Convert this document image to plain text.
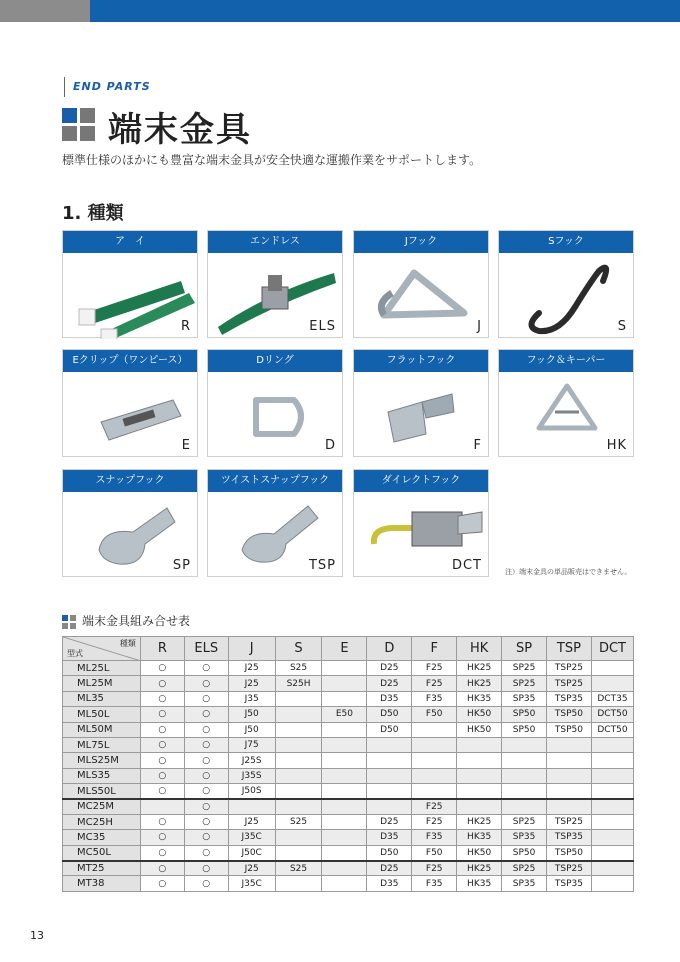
END PARTS
端末金具
標準仕様のほかにも豊富な端末金具が安全快適な運搬作業をサポートします。
1. 種類
ア　イ
R
エンドレス
ELS
Jフック
J
Sフック
S
Eクリップ（ワンピース）
E
Dリング
D
フラットフック
F
フック＆キーパー
HK
スナップフック
SP
ツイストスナップフック
TSP
ダイレクトフック
DCT	注）端末金具の単品販売はできません。
端末金具組み合せ表
種類
型式	R	ELS	J	S	E	D	F	HK	SP	TSP	DCT
ML25L	○	○	J25	S25		D25	F25	HK25	SP25	TSP25	
ML25M	○	○	J25	S25H		D25	F25	HK25	SP25	TSP25	
ML35	○	○	J35			D35	F35	HK35	SP35	TSP35	DCT35
ML50L	○	○	J50		E50	D50	F50	HK50	SP50	TSP50	DCT50
ML50M	○	○	J50			D50		HK50	SP50	TSP50	DCT50
ML75L	○	○	J75								
MLS25M	○	○	J25S								
MLS35	○	○	J35S								
MLS50L	○	○	J50S								
MC25M		○					F25				
MC25H	○	○	J25	S25		D25	F25	HK25	SP25	TSP25	
MC35	○	○	J35C			D35	F35	HK35	SP35	TSP35	
MC50L	○	○	J50C			D50	F50	HK50	SP50	TSP50	
MT25	○	○	J25	S25		D25	F25	HK25	SP25	TSP25	
MT38	○	○	J35C			D35	F35	HK35	SP35	TSP35	
13
